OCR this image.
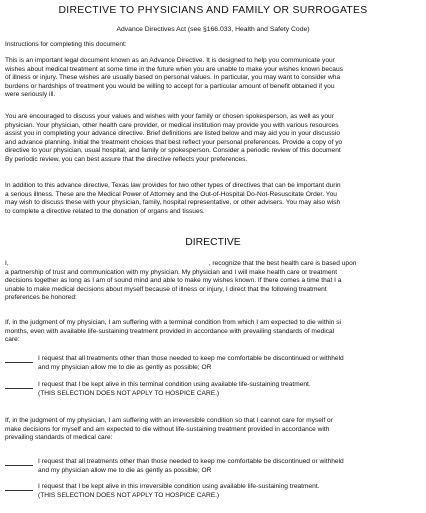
DIRECTIVE TO PHYSICIANS AND FAMILY OR SURROGATES
Advance Directives Act (see §166.033, Health and Safety Code)
Instructions for completing this document:
This is an important legal document known as an Advance Directive. It is designed to help you communicate your
wishes about medical treatment at some time in the future when you are unable to make your wishes known becaus
of illness or injury. These wishes are usually based on personal values. In particular, you may want to consider wha
burdens or hardships of treatment you would be willing to accept for a particular amount of benefit obtained if you
were seriously ill.
You are encouraged to discuss your values and wishes with your family or chosen spokesperson, as well as your
physician. Your physician, other health care provider, or medical institution may provide you with various resources
assist you in completing your advance directive. Brief definitions are listed below and may aid you in your discussio
and advance planning. Initial the treatment choices that best reflect your personal preferences. Provide a copy of yo
directive to your physician, usual hospital, and family or spokesperson. Consider a periodic review of this document
By periodic review, you can best assure that the directive reflects your preferences.
In addition to this advance directive, Texas law provides for two other types of directives that can be important durin
a serious illness. These are the Medical Power of Attorney and the Out-of-Hospital Do-Not-Resuscitate Order. You
may wish to discuss these with your physician, family, hospital representative, or other advisers. You may also wish
to complete a directive related to the donation of organs and tissues.
DIRECTIVE
I,	, recognize that the best health care is based upon
a partnership of trust and communication with my physician. My physician and I will make health care or treatment
decisions together as long as I am of sound mind and able to make my wishes known. If there comes a time that I a
unable to make medical decisions about myself because of illness or injury, I direct that the following treatment
preferences be honored:
If, in the judgment of my physician, I am suffering with a terminal condition from which I am expected to die within si
months, even with available life-sustaining treatment provided in accordance with prevailing standards of medical
care:
I request that all treatments other than those needed to keep me comfortable be discontinued or withheld
and my physician allow me to die as gently as possible; OR
I request that I be kept alive in this terminal condition using available life-sustaining treatment.
(THIS SELECTION DOES NOT APPLY TO HOSPICE CARE.)
If, in the judgment of my physician, I am suffering with an irreversible condition so that I cannot care for myself or
make decisions for myself and am expected to die without life-sustaining treatment provided in accordance with
prevailing standards of medical care:
I request that all treatments other than those needed to keep me comfortable be discontinued or withheld
and my physician allow me to die as gently as possible; OR
I request that I be kept alive in this irreversible condition using available life-sustaining treatment.
(THIS SELECTION DOES NOT APPLY TO HOSPICE CARE.)
